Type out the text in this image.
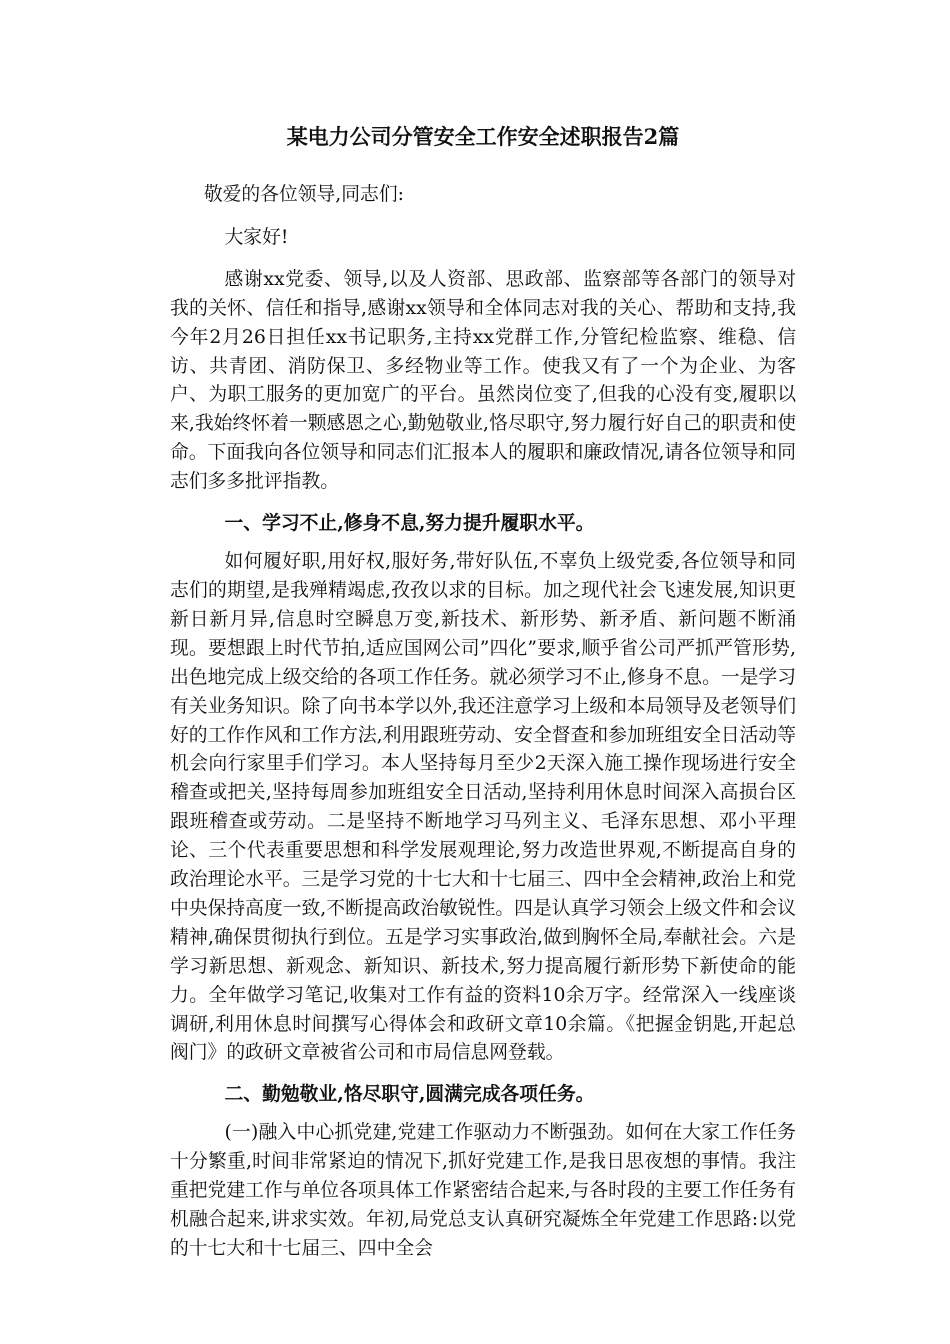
某电力公司分管安全工作安全述职报告2篇

敬爱的各位领导,同志们:

大家好!

感谢xx党委、领导,以及人资部、思政部、监察部等各部门的领导对我的关怀、信任和指导,感谢xx领导和全体同志对我的关心、帮助和支持,我今年2月26日担任xx书记职务,主持xx党群工作,分管纪检监察、维稳、信访、共青团、消防保卫、多经物业等工作。使我又有了一个为企业、为客户、为职工服务的更加宽广的平台。虽然岗位变了,但我的心没有变,履职以来,我始终怀着一颗感恩之心,勤勉敬业,恪尽职守,努力履行好自己的职责和使命。下面我向各位领导和同志们汇报本人的履职和廉政情况,请各位领导和同志们多多批评指教。

一、学习不止,修身不息,努力提升履职水平。

如何履好职,用好权,服好务,带好队伍,不辜负上级党委,各位领导和同志们的期望,是我殚精竭虑,孜孜以求的目标。加之现代社会飞速发展,知识更新日新月异,信息时空瞬息万变,新技术、新形势、新矛盾、新问题不断涌现。要想跟上时代节拍,适应国网公司”四化”要求,顺乎省公司严抓严管形势,出色地完成上级交给的各项工作任务。就必须学习不止,修身不息。一是学习有关业务知识。除了向书本学以外,我还注意学习上级和本局领导及老领导们好的工作作风和工作方法,利用跟班劳动、安全督查和参加班组安全日活动等机会向行家里手们学习。本人坚持每月至少2天深入施工操作现场进行安全稽查或把关,坚持每周参加班组安全日活动,坚持利用休息时间深入高损台区跟班稽查或劳动。二是坚持不断地学习马列主义、毛泽东思想、邓小平理论、三个代表重要思想和科学发展观理论,努力改造世界观,不断提高自身的政治理论水平。三是学习党的十七大和十七届三、四中全会精神,政治上和党中央保持高度一致,不断提高政治敏锐性。四是认真学习领会上级文件和会议精神,确保贯彻执行到位。五是学习实事政治,做到胸怀全局,奉献社会。六是学习新思想、新观念、新知识、新技术,努力提高履行新形势下新使命的能力。全年做学习笔记,收集对工作有益的资料10余万字。经常深入一线座谈调研,利用休息时间撰写心得体会和政研文章10余篇。《把握金钥匙,开起总阀门》的政研文章被省公司和市局信息网登载。

二、勤勉敬业,恪尽职守,圆满完成各项任务。

(一)融入中心抓党建,党建工作驱动力不断强劲。如何在大家工作任务十分繁重,时间非常紧迫的情况下,抓好党建工作,是我日思夜想的事情。我注重把党建工作与单位各项具体工作紧密结合起来,与各时段的主要工作任务有机融合起来,讲求实效。年初,局党总支认真研究凝炼全年党建工作思路:以党的十七大和十七届三、四中全会
